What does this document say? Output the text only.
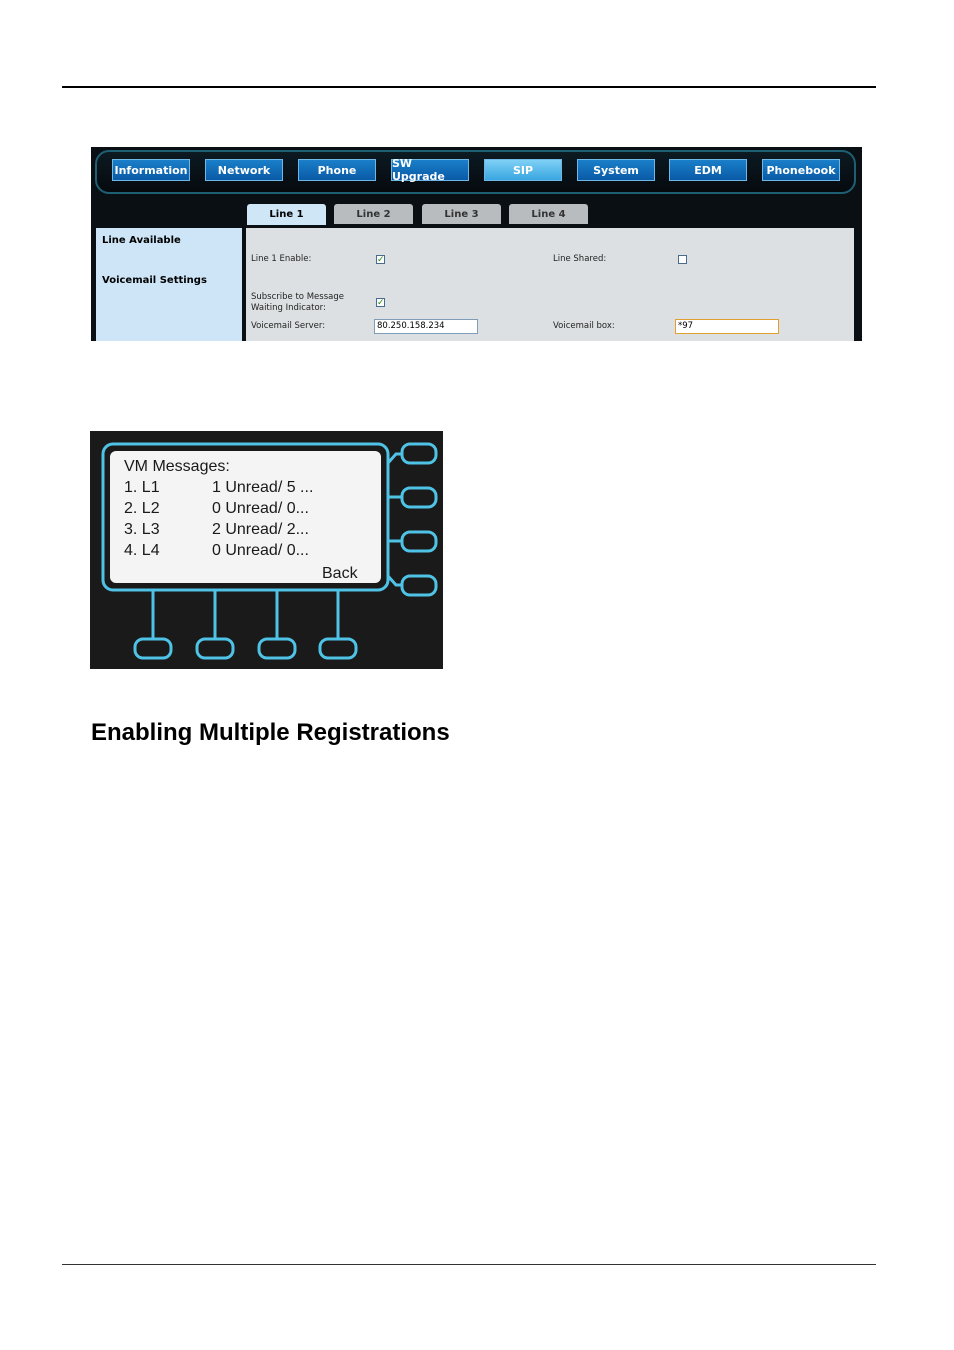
Information	Network	Phone	SW Upgrade	SIP	System	EDM	Phonebook
Line 1	Line 2	Line 3	Line 4
Line Available
Voicemail Settings
Line 1 Enable:	✓	Line Shared:
Subscribe to Message
Waiting Indicator:
✓
Voicemail Server:	80.250.158.234	Voicemail box:	*97
VM Messages:
1. L1	1 Unread/ 5 ...
2. L2	0 Unread/ 0...
3. L3	2 Unread/ 2...
4. L4	0 Unread/ 0...
Back
Enabling Multiple Registrations
